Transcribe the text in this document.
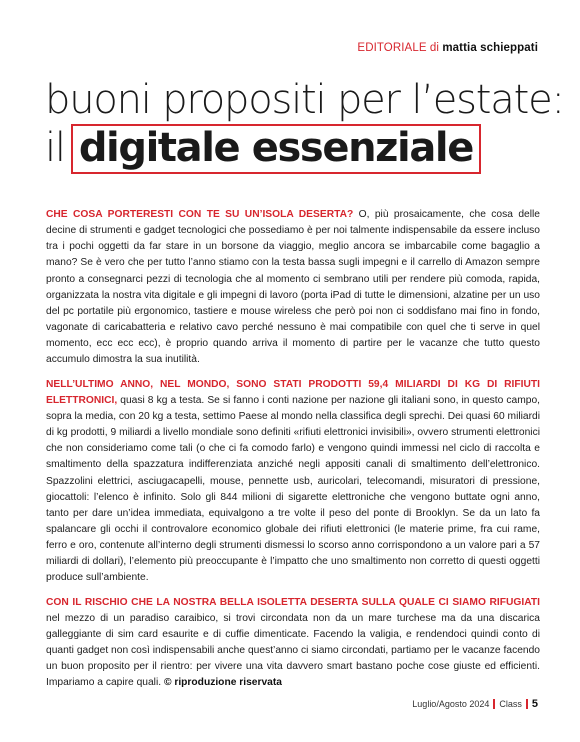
EDITORIALE di mattia schieppati
buoni propositi per l’estate:
il digitale essenziale

CHE COSA PORTERESTI CON TE SU UN’ISOLA DESERTA? O, più prosaicamente, che cosa delle decine di strumenti e gadget tecnologici che possediamo è per noi talmente indispensabile da essere incluso tra i pochi oggetti da far stare in un borsone da viaggio, meglio ancora se imbarcabile come bagaglio a mano? Se è vero che per tutto l’anno stiamo con la testa bassa sugli impegni e il carrello di Amazon sempre pronto a consegnarci pezzi di tecnologia che al momento ci sembrano utili per rendere più comoda, rapida, organizzata la nostra vita digitale e gli impegni di lavoro (porta iPad di tutte le dimensioni, alzatine per un uso del pc portatile più ergonomico, tastiere e mouse wireless che però poi non ci soddisfano mai fino in fondo, vagonate di caricabatteria e relativo cavo perché nessuno è mai compatibile con quel che ti serve in quel momento, ecc ecc ecc), è proprio quando arriva il momento di partire per le vacanze che tutto questo accumulo dimostra la sua inutilità.

NELL’ULTIMO ANNO, NEL MONDO, SONO STATI PRODOTTI 59,4 MILIARDI DI KG DI RIFIUTI ELETTRONICI, quasi 8 kg a testa. Se si fanno i conti nazione per nazione gli italiani sono, in questo campo, sopra la media, con 20 kg a testa, settimo Paese al mondo nella classifica degli sprechi. Dei quasi 60 miliardi di kg prodotti, 9 miliardi a livello mondiale sono definiti «rifiuti elettronici invisibili», ovvero strumenti elettronici che non consideriamo come tali (o che ci fa comodo farlo) e vengono quindi immessi nel ciclo di raccolta e smaltimento della spazzatura indifferenziata anziché negli appositi canali di smaltimento dell’elettronico. Spazzolini elettrici, asciugacapelli, mouse, pennette usb, auricolari, telecomandi, misuratori di pressione, giocattoli: l’elenco è infinito. Solo gli 844 milioni di sigarette elettroniche che vengono buttate ogni anno, tanto per dare un’idea immediata, equivalgono a tre volte il peso del ponte di Brooklyn. Se da un lato fa spalancare gli occhi il controvalore economico globale dei rifiuti elettronici (le materie prime, fra cui rame, ferro e oro, contenute all’interno degli strumenti dismessi lo scorso anno corrispondono a un valore pari a 57 miliardi di dollari), l’elemento più preoccupante è l’impatto che uno smaltimento non corretto di questi oggetti produce sull’ambiente.

CON IL RISCHIO CHE LA NOSTRA BELLA ISOLETTA DESERTA SULLA QUALE CI SIAMO RIFUGIATI nel mezzo di un paradiso caraibico, si trovi circondata non da un mare turchese ma da una discarica galleggiante di sim card esaurite e di cuffie dimenticate. Facendo la valigia, e rendendoci quindi conto di quanti gadget non così indispensabili anche quest’anno ci siamo circondati, partiamo per le vacanze facendo un buon proposito per il rientro: per vivere una vita davvero smart bastano poche cose giuste ed efficienti. Impariamo a capire quali. © riproduzione riservata

Luglio/Agosto 2024 Class 5
